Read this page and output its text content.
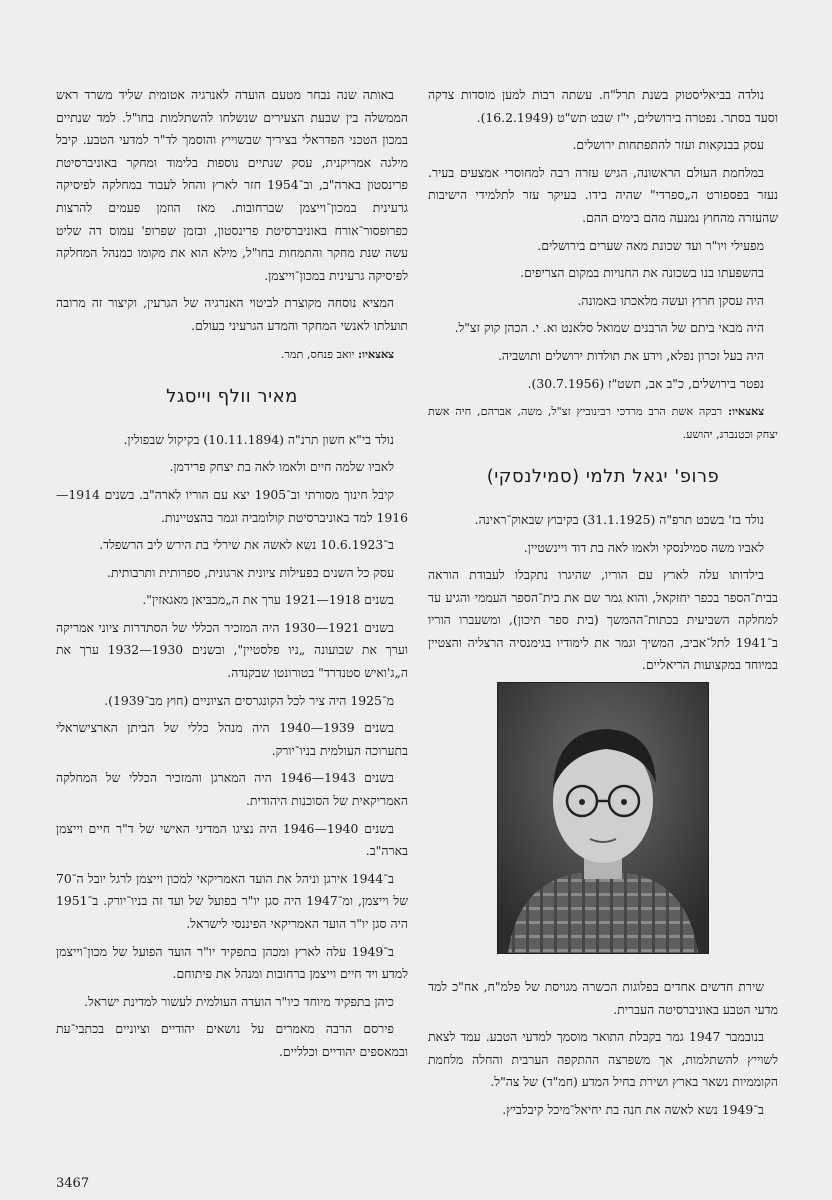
נולדה בביאליסטוק בשנת תרל"ח. עשתה רבות למען מוסדות צדקה וסעד בסתר. נפטרה בירושלים, י"ז שבט תש"ט (16.2.1949).

עסק בבנקאות ועזר להתפתחות ירושלים.

במלחמת העולם הראשונה, הגיש עזרה רבה למחוסרי אמצעים בעיר. נעזר בפספורט ה„ספרדי" שהיה בידו. בעיקר עזר לתלמידי הישיבות שהעזרה מהחוץ נמנעה מהם בימים ההם.

מפעילי ויו"ר ועד שכונת מאה שערים בירושלים.

בהשפעתו בנו בשכונה את החנויות במקום הצריפים.

היה עסקן חרוץ ועשה מלאכתו באמונה.

היה מבאי ביתם של הרבנים שמואל סלאנט וא. י. הכהן קוק זצ"ל.

היה בעל זכרון נפלא, וידע את תולדות ירושלים ותושביה.

נפטר בירושלים, כ"ב אב, תשט"ז (30.7.1956).

צאצאיו: רבקה אשת הרב מרדכי רבינוביץ זצ"ל, משה, אברהם, חיה אשת יצחק וכטנברג, יהושע.

פרופ' יגאל תלמי (סמילנסקי)

נולד בז' בשבט תרפ"ה (31.1.1925) בקיבוץ שבאוק־ראינה.

לאביו משה סמילנסקי ולאמו לאה בת דוד ויינשטיין.

בילדותו עלה לארץ עם הוריו, שהיגרו נתקבלו לעבודת הוראה בבית־הספר בכפר יחזקאל, והוא גמר שם את בית־הספר העממי והגיע עד למחלקה השביעית בכתות־ההמשך (בית ספר תיכון), ומשעברו הוריו ב־1941 לתל־אביב, המשיך וגמר את לימודיו בגימנסיה הרצליה והצטיין במיוחד במקצועות הריאליים.

שירת חדשים אחדים בפלוגות הכשרה מגויסת של פלמ"ח, אח"כ למד מדעי הטבע באוניברסיטה העברית.

בנובמבר 1947 גמר בקבלת התואר מוסמך למדעי הטבע. עמד לצאת לשוייץ להשתלמות, אך משפרצה ההתקפה הערבית והחלה מלחמת הקוממיות נשאר בארץ ושירת בחיל המדע (חמ"ד) של צה"ל.

ב־1949 נשא לאשה את חנה בת יחיאל־מיכל קיבלביץ.

באותה שנה נבחר מטעם הועדה לאנרגיה אטומית שליד משרד ראש הממשלה בין שבעת הצעירים שנשלחו להשתלמות בחו"ל. למד שנתיים במכון הטכני הפדראלי בציריך שבשוייץ והוסמך לד"ר למדעי הטבע. קיבל מילגה אמריקנית, עסק שנתיים נוספות בלימוד ומחקר באוניברסיטת פרינסטון בארה"ב, וב־1954 חזר לארץ והחל לעבוד במחלקה לפיסיקה גרעינית במכון־וייצמן שברחובות. מאז הוזמן פעמים להרצות כפרופסור־אורח באוניברסיטת פרינסטון, ובזמן שפרופ' עמוס דה שליט עשה שנת מחקר והתמחות בחו"ל, מילא הוא את מקומו כמנהל המחלקה לפיסיקה גרעינית במכון־וייצמן.

המציא נוסחה מקוצרת לביטוי האנרגיה של הגרעין, וקיצור זה מרובה תועלתו לאנשי המחקר והמדע הגרעיני בעולם.

צאצאיו: יואב פנחס, תמר.

מאיר וולף וייסגל

נולד בי"א חשון תרנ"ה (10.11.1894) בקיקול שבפולין.

לאביו שלמה חיים ולאמו לאה בת יצחק פרידמן.

קיבל חינוך מסורתי וב־1905 יצא עם הוריו לארה"ב. בשנים 1914—1916 למד באוניברסיטת קולומביה וגמר בהצטיינות.

ב־10.6.1923 נשא לאשה את שירלי בת הירש ליב הרשפלד.

עסק כל השנים בפעילות ציונית ארגונית, ספרותית ותרבותית.

בשנים 1918—1921 ערך את ה„מכבּיאן מאגאזין".

בשנים 1921—1930 היה המזכיר הכללי של הסתדרות ציוני אמריקה וערך את שבועונה „ניו פלסטיין", ובשנים 1930—1932 ערך את ה„ג'ואיש סטנדרד" בטורונטו שבקנדה.

מ־1925 היה ציר לכל הקונגרסים הציוניים (חוץ מב־1939).

בשנים 1939—1940 היה מנהל כללי של הביתן הארצישראלי בתערוכה העולמית בניו־יורק.

בשנים 1943—1946 היה המארגן והמזכיר הכללי של המחלקה האמריקאית של הסוכנות היהודית.

בשנים 1940—1946 היה נציגו המדיני האישי של ד"ר חיים וייצמן בארה"ב.

ב־1944 אירגן וניהל את הועד האמריקאי למכון וייצמן לרגל יובל ה־70 של וייצמן, ומ־1947 היה סגן יו"ר בפועל של ועד זה בניו־יורק. ב־1951 היה סגן יו"ר הועד האמריקאי הפיננסי לישראל.

ב־1949 עלה לארץ ומכהן בתפקיד יו"ר הועד הפועל של מכון־וייצמן למדע ויד חיים וייצמן ברחובות ומנהל את פיתוחם.

כיהן בתפקיד מיוחד כיו"ר הועדה העולמית לעשור למדינת ישראל.

פירסם הרבה מאמרים על נושאים יהודיים וציוניים בכתבי־עת ובמאספים יהודיים וכלליים.

3467
